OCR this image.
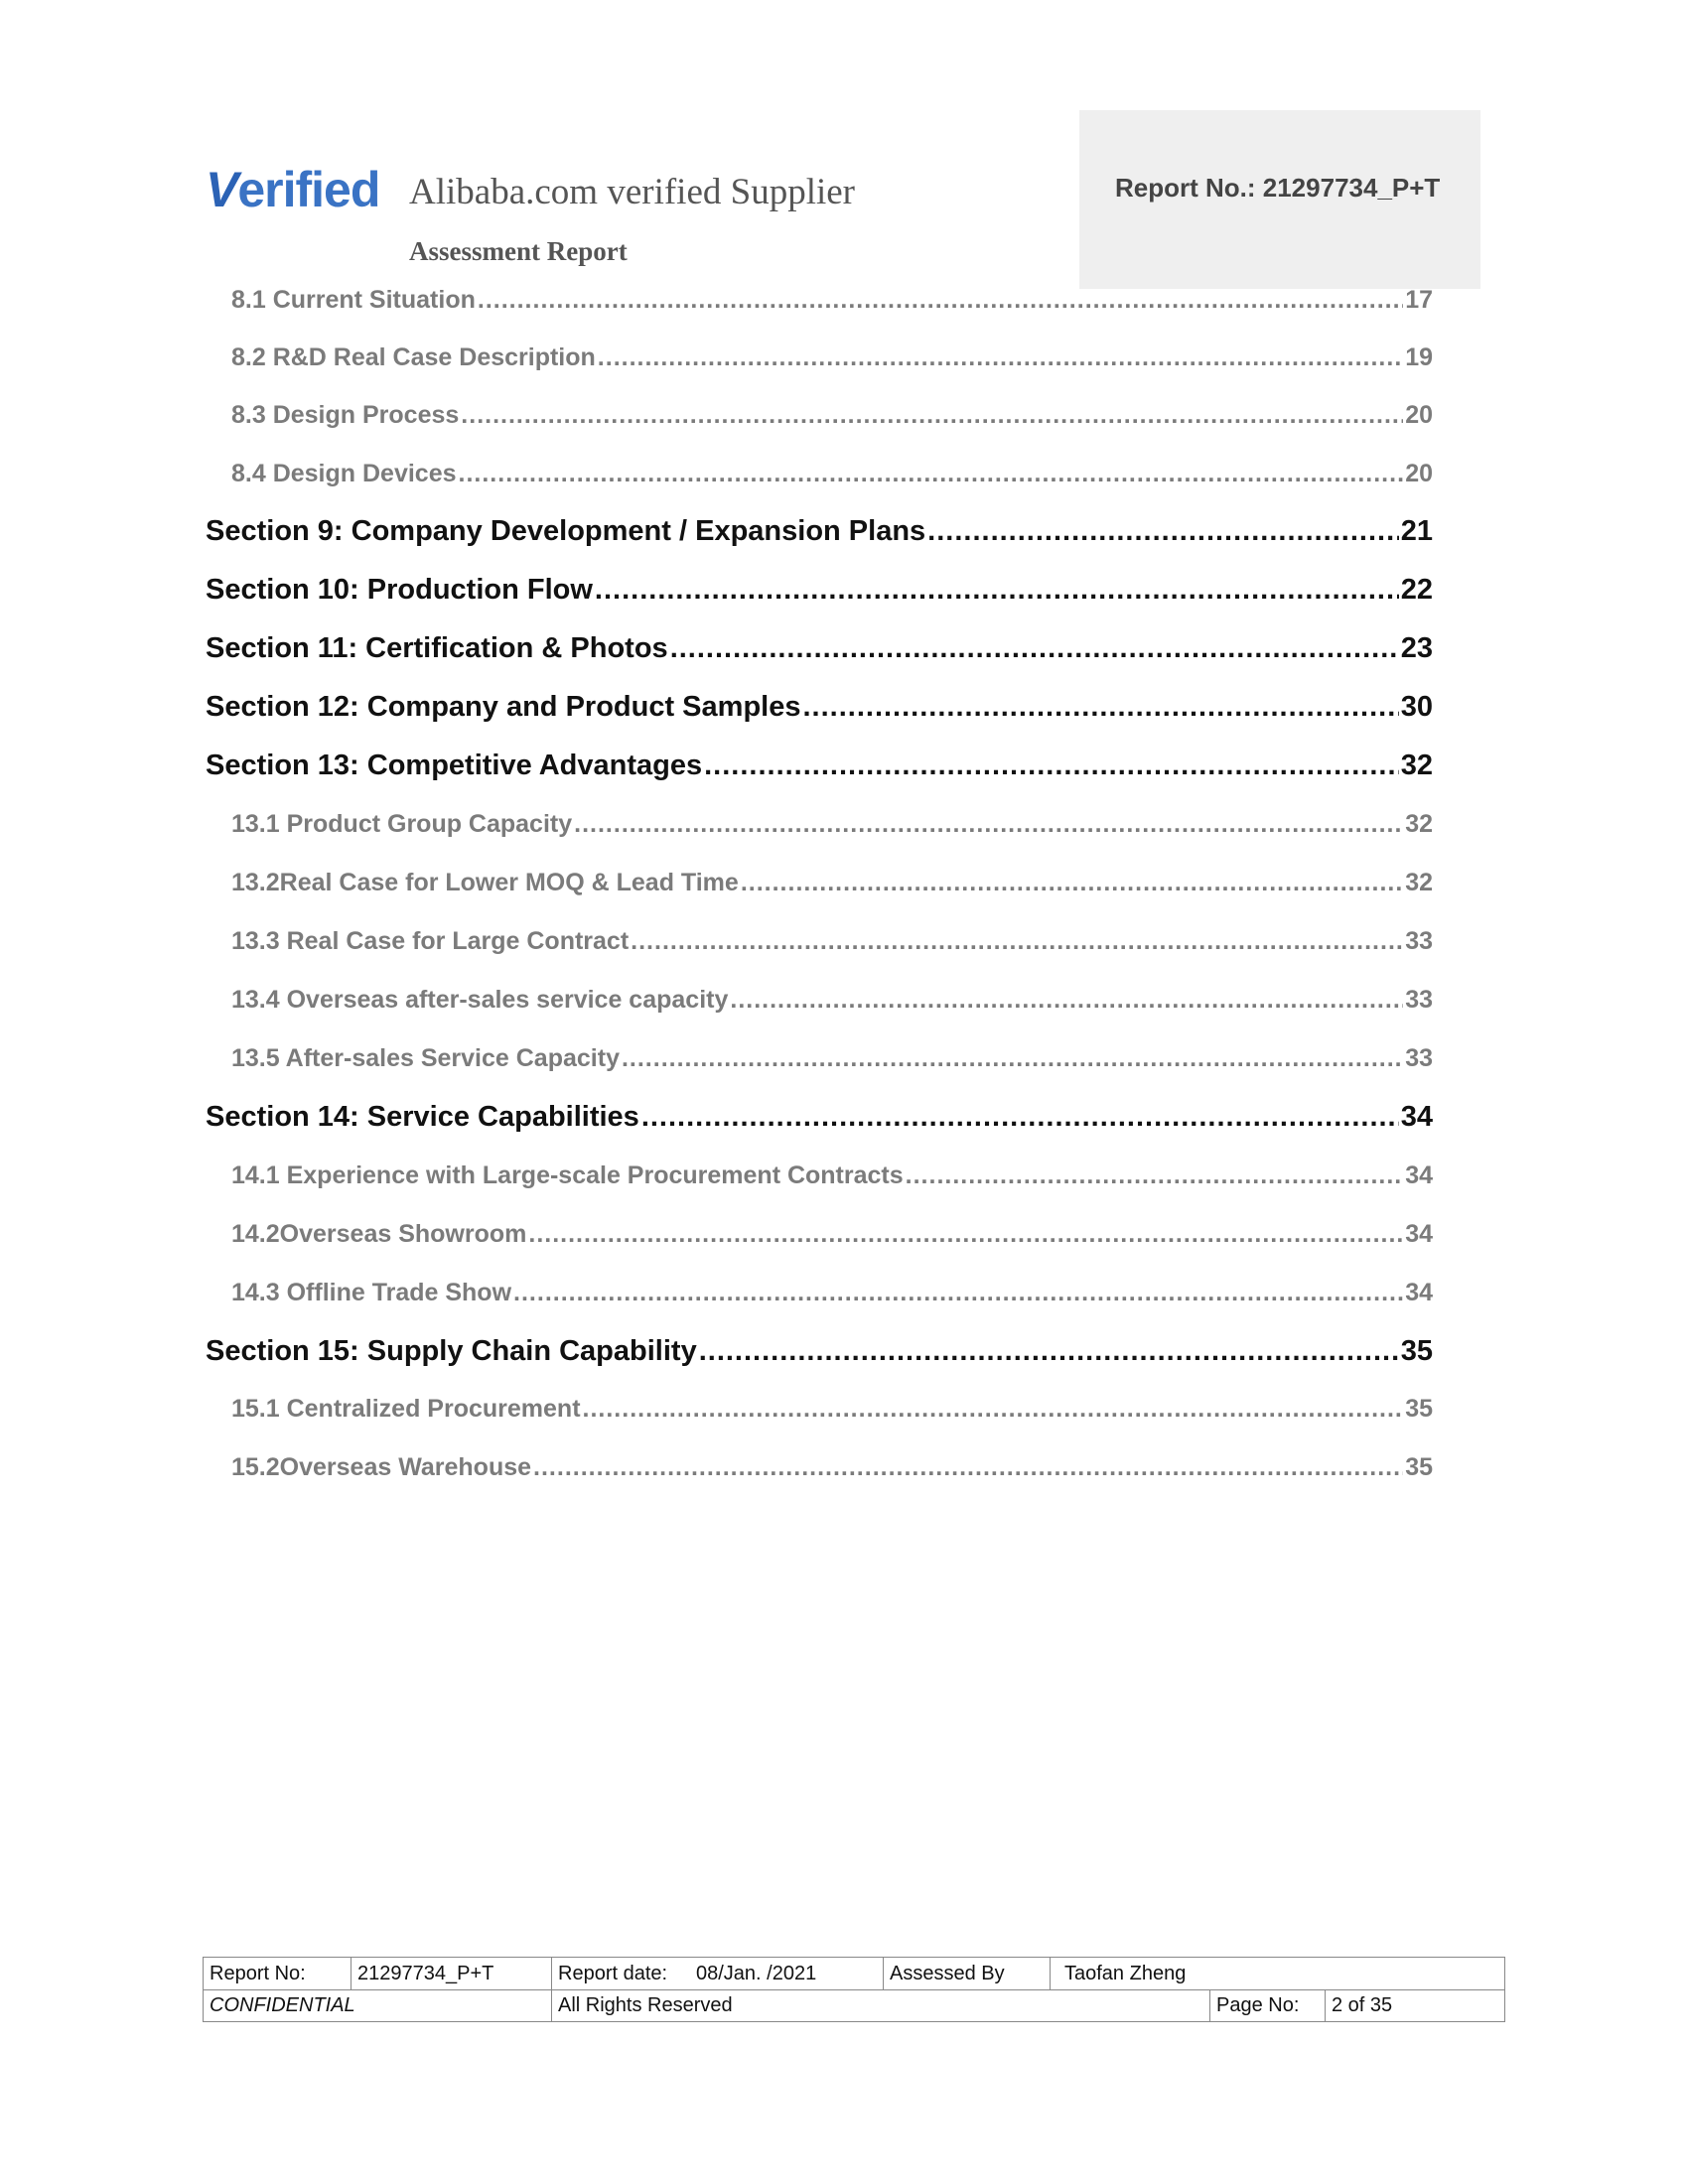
Verified Alibaba.com verified Supplier
Assessment Report
Report No.: 21297734_P+T
8.1 Current Situation .....	17
8.2 R&D Real Case Description .....	19
8.3 Design Process .....	20
8.4 Design Devices .....	20
Section 9: Company Development / Expansion Plans .....	21
Section 10: Production Flow .....	22
Section 11: Certification & Photos .....	23
Section 12: Company and Product Samples .....	30
Section 13: Competitive Advantages .....	32
13.1 Product Group Capacity .....	32
13.2Real Case for Lower MOQ & Lead Time .....	32
13.3 Real Case for Large Contract .....	33
13.4 Overseas after-sales service capacity .....	33
13.5 After-sales Service Capacity .....	33
Section 14: Service Capabilities .....	34
14.1 Experience with Large-scale Procurement Contracts .....	34
14.2Overseas Showroom .....	34
14.3 Offline Trade Show .....	34
Section 15: Supply Chain Capability .....	35
15.1 Centralized Procurement .....	35
15.2Overseas Warehouse .....	35
Report No:	21297734_P+T	Report date:	08/Jan. /2021	Assessed By	Taofan Zheng
CONFIDENTIAL	All Rights Reserved	Page No:	2 of 35
